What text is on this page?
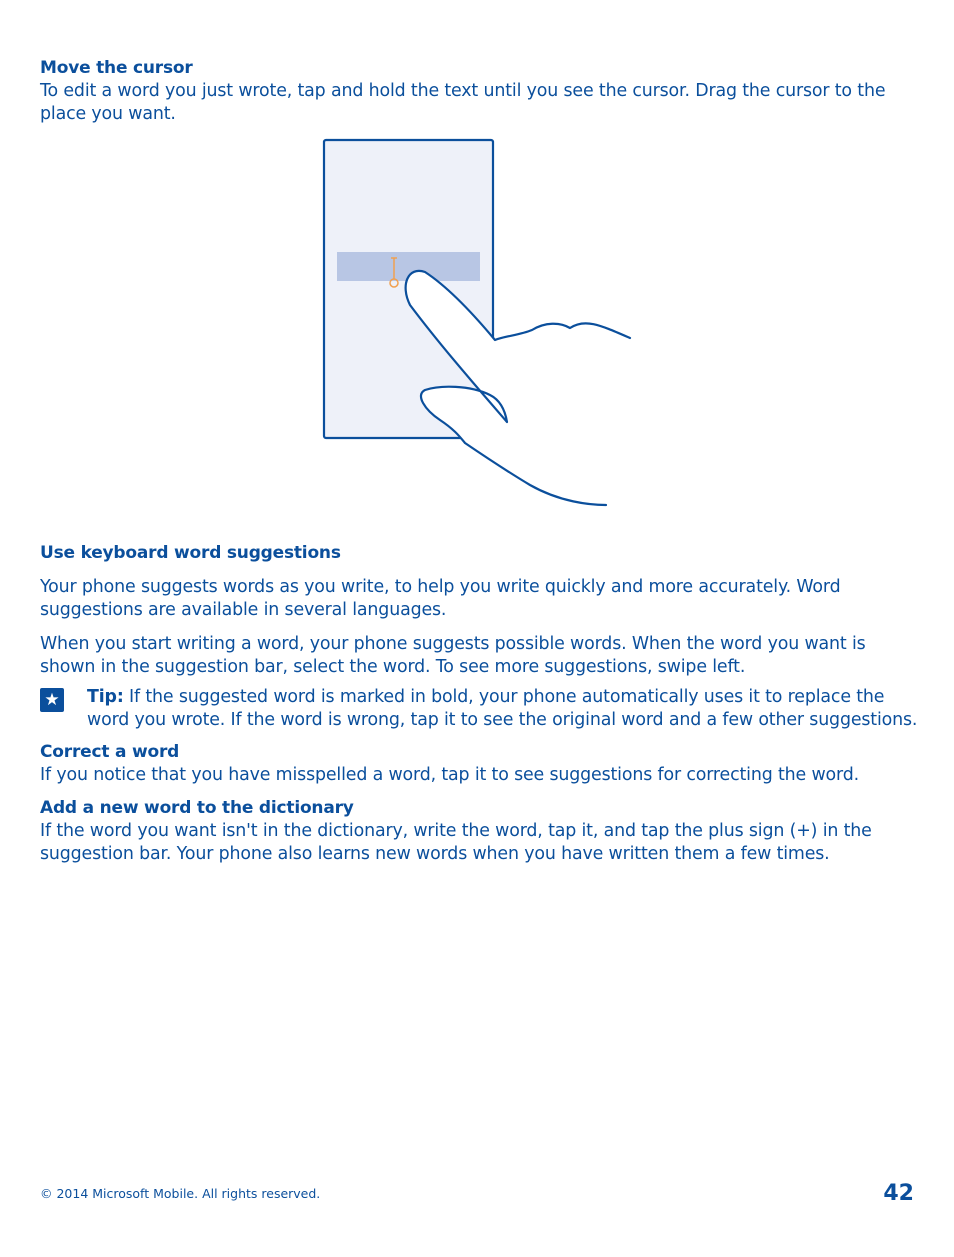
Move the cursor
To edit a word you just wrote, tap and hold the text until you see the cursor. Drag the cursor to the place you want.
Use keyboard word suggestions
Your phone suggests words as you write, to help you write quickly and more accurately. Word suggestions are available in several languages.
When you start writing a word, your phone suggests possible words. When the word you want is shown in the suggestion bar, select the word. To see more suggestions, swipe left.
★ Tip: If the suggested word is marked in bold, your phone automatically uses it to replace the word you wrote. If the word is wrong, tap it to see the original word and a few other suggestions.
Correct a word
If you notice that you have misspelled a word, tap it to see suggestions for correcting the word.
Add a new word to the dictionary
If the word you want isn't in the dictionary, write the word, tap it, and tap the plus sign (+) in the suggestion bar. Your phone also learns new words when you have written them a few times.
© 2014 Microsoft Mobile. All rights reserved.	42
